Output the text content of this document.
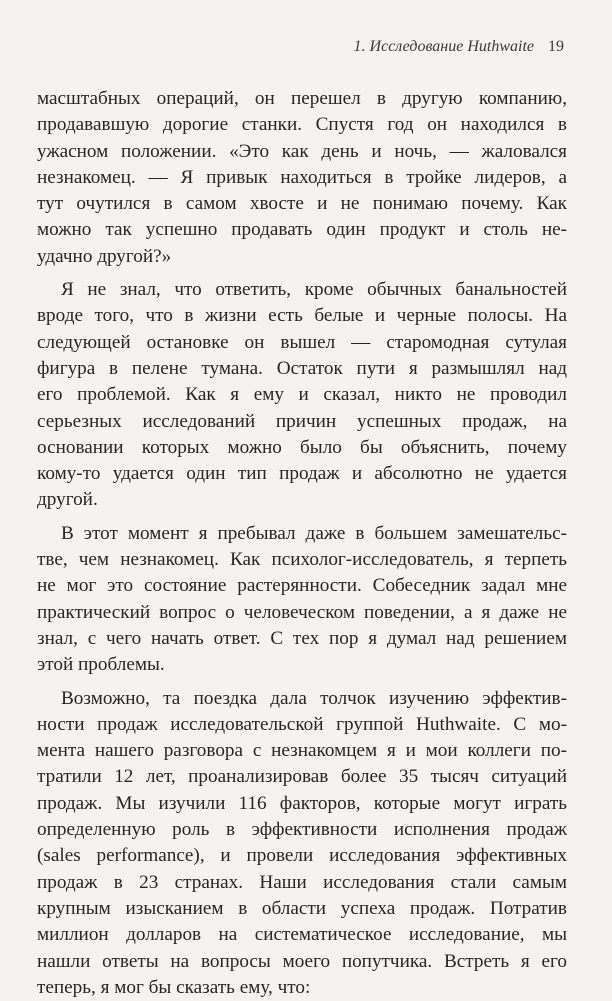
1. Исследование Huthwaite 19
масштабных операций, он перешел в другую компанию,
продававшую дорогие станки. Спустя год он находился в
ужасном положении. «Это как день и ночь, — жаловался
незнакомец. — Я привык находиться в тройке лидеров, а
тут очутился в самом хвосте и не понимаю почему. Как
можно так успешно продавать один продукт и столь не-
удачно другой?»
Я не знал, что ответить, кроме обычных банальностей
вроде того, что в жизни есть белые и черные полосы. На
следующей остановке он вышел — старомодная сутулая
фигура в пелене тумана. Остаток пути я размышлял над
его проблемой. Как я ему и сказал, никто не проводил
серьезных исследований причин успешных продаж, на
основании которых можно было бы объяснить, почему
кому-то удается один тип продаж и абсолютно не удается
другой.
В этот момент я пребывал даже в большем замешательс-
тве, чем незнакомец. Как психолог-исследователь, я терпеть
не мог это состояние растерянности. Собеседник задал мне
практический вопрос о человеческом поведении, а я даже не
знал, с чего начать ответ. С тех пор я думал над решением
этой проблемы.
Возможно, та поездка дала толчок изучению эффектив-
ности продаж исследовательской группой Huthwaite. С мо-
мента нашего разговора с незнакомцем я и мои коллеги по-
тратили 12 лет, проанализировав более 35 тысяч ситуаций
продаж. Мы изучили 116 факторов, которые могут играть
определенную роль в эффективности исполнения продаж
(sales performance), и провели исследования эффективных
продаж в 23 странах. Наши исследования стали самым
крупным изысканием в области успеха продаж. Потратив
миллион долларов на систематическое исследование, мы
нашли ответы на вопросы моего попутчика. Встреть я его
теперь, я мог бы сказать ему, что:
